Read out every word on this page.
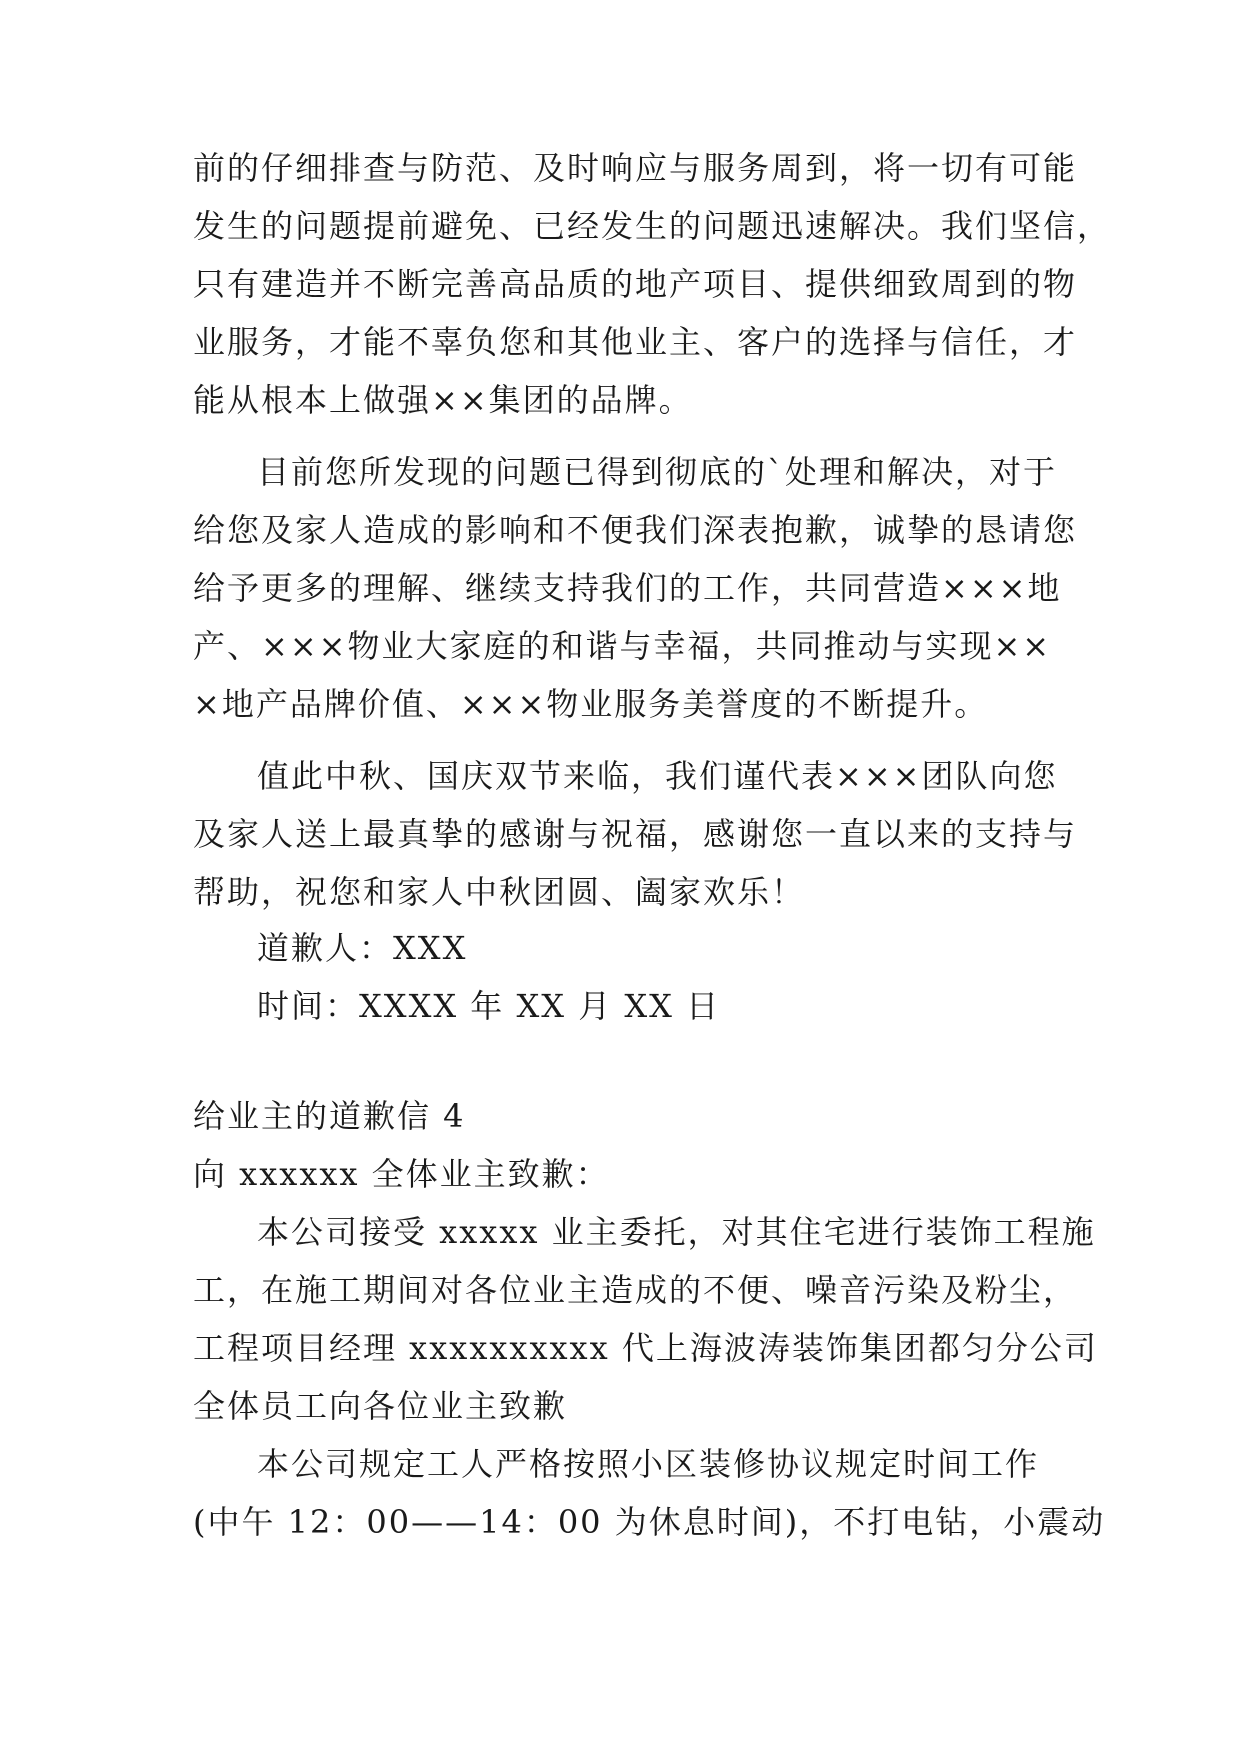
前的仔细排查与防范、及时响应与服务周到，将一切有可能
发生的问题提前避免、已经发生的问题迅速解决。我们坚信，
只有建造并不断完善高品质的地产项目、提供细致周到的物
业服务，才能不辜负您和其他业主、客户的选择与信任，才
能从根本上做强××集团的品牌。
目前您所发现的问题已得到彻底的`处理和解决，对于
给您及家人造成的影响和不便我们深表抱歉，诚挚的恳请您
给予更多的理解、继续支持我们的工作，共同营造×××地
产、×××物业大家庭的和谐与幸福，共同推动与实现××
×地产品牌价值、×××物业服务美誉度的不断提升。
值此中秋、国庆双节来临，我们谨代表×××团队向您
及家人送上最真挚的感谢与祝福，感谢您一直以来的支持与
帮助，祝您和家人中秋团圆、阖家欢乐！
道歉人：XXX
时间：XXXX 年 XX 月 XX 日
给业主的道歉信 4
向 xxxxxx 全体业主致歉：
本公司接受 xxxxx 业主委托，对其住宅进行装饰工程施
工，在施工期间对各位业主造成的不便、噪音污染及粉尘，
工程项目经理 xxxxxxxxxx 代上海波涛装饰集团都匀分公司
全体员工向各位业主致歉
本公司规定工人严格按照小区装修协议规定时间工作
(中午 12：00——14：00 为休息时间)，不打电钻，小震动
